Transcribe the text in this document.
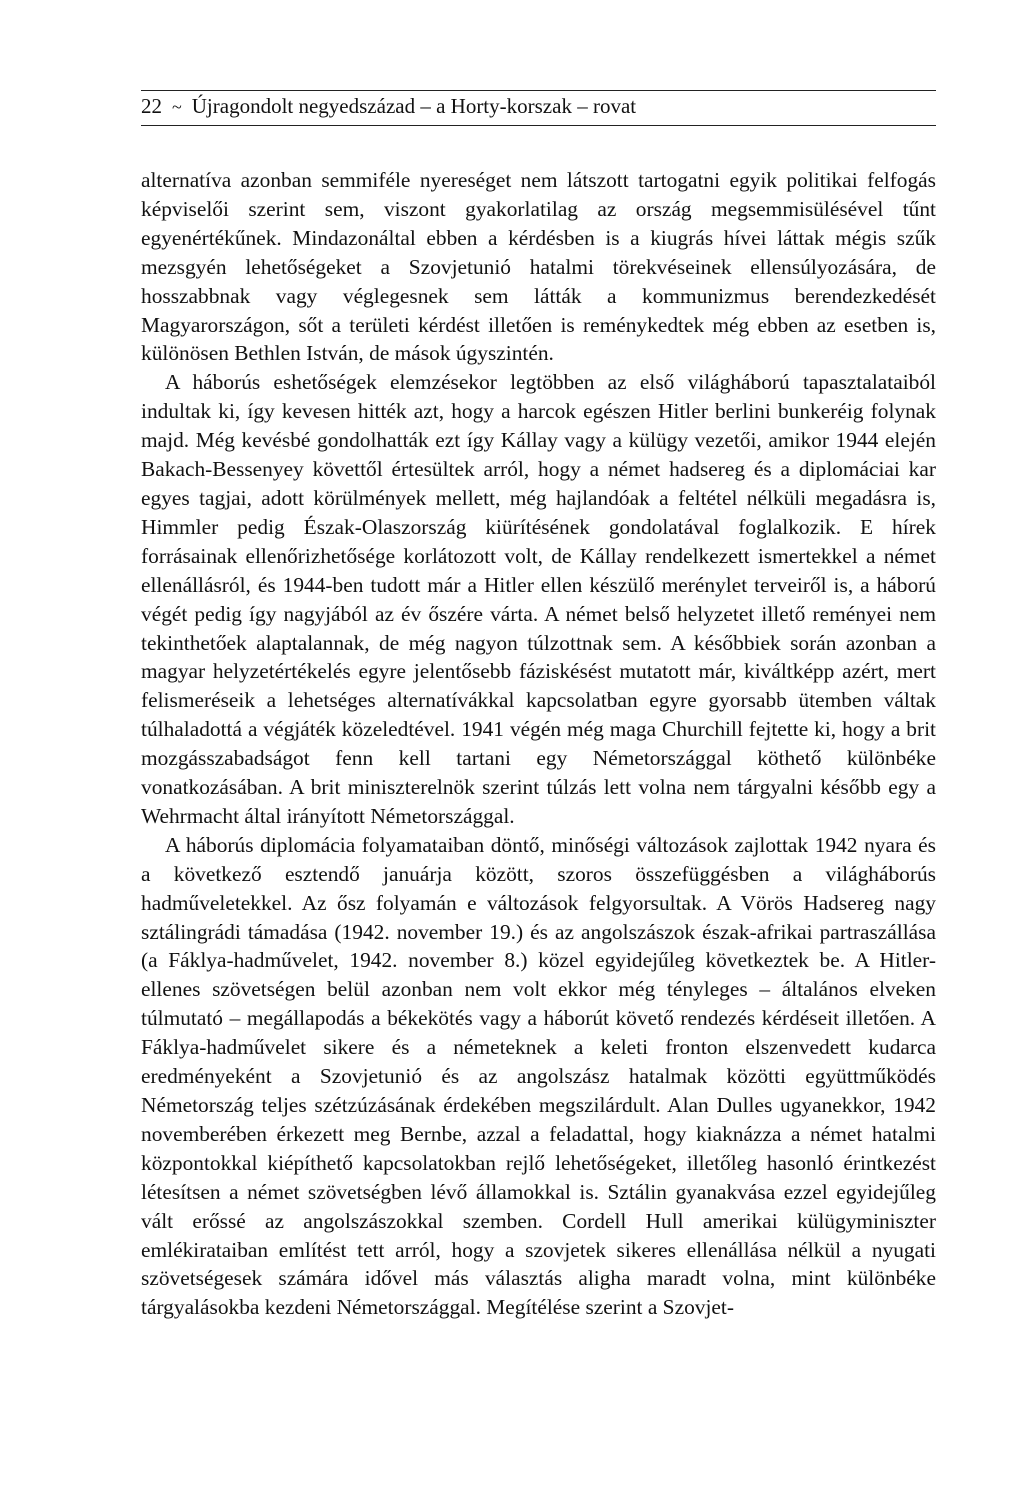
22 ~ Újragondolt negyedszázad – a Horty-korszak – rovat

alternatíva azonban semmiféle nyereséget nem látszott tartogatni egyik politikai felfogás képviselői szerint sem, viszont gyakorlatilag az ország megsemmisülésével tűnt egyenértékűnek. Mindazonáltal ebben a kérdésben is a kiugrás hívei láttak mégis szűk mezsgyén lehetőségeket a Szovjetunió hatalmi törekvéseinek ellensúlyozására, de hosszabbnak vagy véglegesnek sem látták a kommunizmus berendezkedését Magyarországon, sőt a területi kérdést illetően is reménykedtek még ebben az esetben is, különösen Bethlen István, de mások úgyszintén.

A háborús eshetőségek elemzésekor legtöbben az első világháború tapasztalataiból indultak ki, így kevesen hitték azt, hogy a harcok egészen Hitler berlini bunkeréig folynak majd. Még kevésbé gondolhatták ezt így Kállay vagy a külügy vezetői, amikor 1944 elején Bakach-Bessenyey követtől értesültek arról, hogy a német hadsereg és a diplomáciai kar egyes tagjai, adott körülmények mellett, még hajlandóak a feltétel nélküli megadásra is, Himmler pedig Észak-Olaszország kiürítésének gondolatával foglalkozik. E hírek forrásainak ellenőrizhetősége korlátozott volt, de Kállay rendelkezett ismertekkel a német ellenállásról, és 1944-ben tudott már a Hitler ellen készülő merénylet terveiről is, a háború végét pedig így nagyjából az év őszére várta. A német belső helyzetet illető reményei nem tekinthetőek alaptalannak, de még nagyon túlzottnak sem. A későbbiek során azonban a magyar helyzetértékelés egyre jelentősebb fáziskésést mutatott már, kiváltképp azért, mert felismeréseik a lehetséges alternatívákkal kapcsolatban egyre gyorsabb ütemben váltak túlhaladottá a végjáték közeledtével. 1941 végén még maga Churchill fejtette ki, hogy a brit mozgásszabadságot fenn kell tartani egy Németországgal köthető különbéke vonatkozásában. A brit miniszterelnök szerint túlzás lett volna nem tárgyalni később egy a Wehrmacht által irányított Németországgal.

A háborús diplomácia folyamataiban döntő, minőségi változások zajlottak 1942 nyara és a következő esztendő januárja között, szoros összefüggésben a világháborús hadműveletekkel. Az ősz folyamán e változások felgyorsultak. A Vörös Hadsereg nagy sztálingrádi támadása (1942. november 19.) és az angolszászok észak-afrikai partraszállása (a Fáklya-hadművelet, 1942. november 8.) közel egyidejűleg következtek be. A Hitler-ellenes szövetségen belül azonban nem volt ekkor még tényleges – általános elveken túlmutató – megállapodás a békekötés vagy a háborút követő rendezés kérdéseit illetően. A Fáklya-hadművelet sikere és a németeknek a keleti fronton elszenvedett kudarca eredményeként a Szovjetunió és az angolszász hatalmak közötti együttműködés Németország teljes szétzúzásának érdekében megszilárdult. Alan Dulles ugyanekkor, 1942 novemberében érkezett meg Bernbe, azzal a feladattal, hogy kiaknázza a német hatalmi központokkal kiépíthető kapcsolatokban rejlő lehetőségeket, illetőleg hasonló érintkezést létesítsen a német szövetségben lévő államokkal is. Sztálin gyanakvása ezzel egyidejűleg vált erőssé az angolszászokkal szemben. Cordell Hull amerikai külügyminiszter emlékirataiban említést tett arról, hogy a szovjetek sikeres ellenállása nélkül a nyugati szövetségesek számára idővel más választás aligha maradt volna, mint különbéke tárgyalásokba kezdeni Németországgal. Megítélése szerint a Szovjet-
